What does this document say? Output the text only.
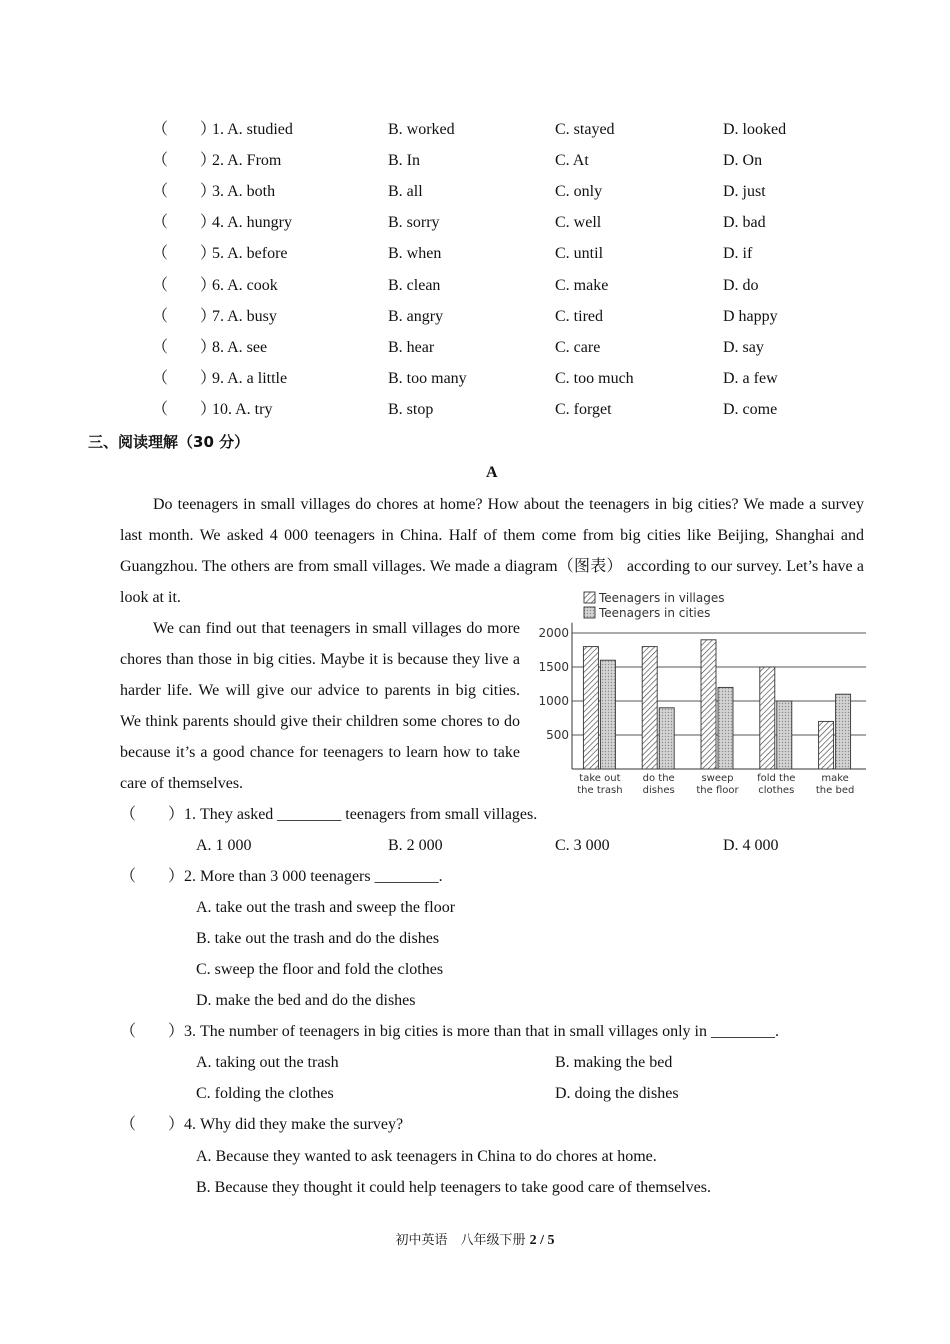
（　　）
1. A. studied	B. worked	C. stayed	D. looked
（　　）
2. A. From	B. In	C. At	D. On
（　　）
3. A. both	B. all	C. only	D. just
（　　）
4. A. hungry	B. sorry	C. well	D. bad
（　　）
5. A. before	B. when	C. until	D. if
（　　）
6. A. cook	B. clean	C. make	D. do
（　　）
7. A. busy	B. angry	C. tired	D happy
（　　）
8. A. see	B. hear	C. care	D. say
（　　）
9. A. a little	B. too many	C. too much	D. a few
（　　）
10. A. try	B. stop	C. forget	D. come
三、阅读理解（30 分）
A
Do teenagers in small villages do chores at home? How about the teenagers in big cities? We made a survey last month. We asked 4 000 teenagers in China. Half of them come from big cities like Beijing, Shanghai and Guangzhou. The others are from small villages. We made a diagram（图表） according to our survey. Let’s have a look at it.
We can find out that teenagers in small villages do more chores than those in big cities. Maybe it is because they live a harder life. We will give our advice to parents in big cities. We think parents should give their children some chores to do because it’s a good chance for teenagers to learn how to take care of themselves.
500
1000
1500
2000
take out
the trash
do the
dishes
sweep
the floor
fold the
clothes
make
the bed
Teenagers in villages
Teenagers in cities
（　　）1. They asked ________ teenagers from small villages.
A. 1 000	B. 2 000	C. 3 000	D. 4 000
（　　）2. More than 3 000 teenagers ________.
A. take out the trash and sweep the floor
B. take out the trash and do the dishes
C. sweep the floor and fold the clothes
D. make the bed and do the dishes
（　　）3. The number of teenagers in big cities is more than that in small villages only in ________.
A. taking out the trash	B. making the bed
C. folding the clothes	D. doing the dishes
（　　）4. Why did they make the survey?
A. Because they wanted to ask teenagers in China to do chores at home.
B. Because they thought it could help teenagers to take good care of themselves.
初中英语　八年级下册 2 / 5
